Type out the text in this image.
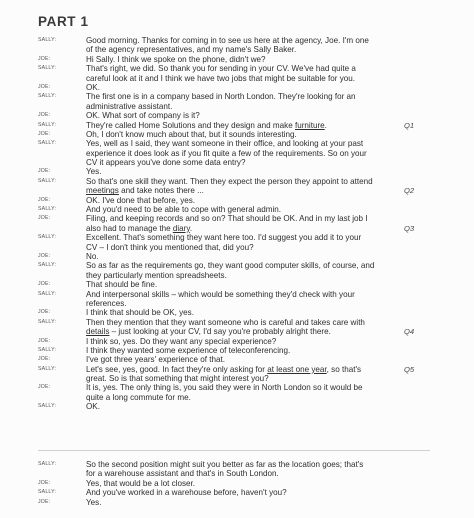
PART 1
SALLY:	Good morning. Thanks for coming in to see us here at the agency, Joe. I'm one
of the agency representatives, and my name's Sally Baker.
JOE:	Hi Sally. I think we spoke on the phone, didn't we?
SALLY:	That's right, we did. So thank you for sending in your CV. We've had quite a
careful look at it and I think we have two jobs that might be suitable for you.
JOE:	OK.
SALLY:	The first one is in a company based in North London. They're looking for an
administrative assistant.
JOE:	OK. What sort of company is it?
SALLY:	They're called Home Solutions and they design and make furniture.	Q1
JOE:	Oh, I don't know much about that, but it sounds interesting.
SALLY:	Yes, well as I said, they want someone in their office, and looking at your past
experience it does look as if you fit quite a few of the requirements. So on your
CV it appears you've done some data entry?
JOE:	Yes.
SALLY:	So that's one skill they want. Then they expect the person they appoint to attend
meetings and take notes there ...	Q2
JOE:	OK. I've done that before, yes.
SALLY:	And you'd need to be able to cope with general admin.
JOE:	Filing, and keeping records and so on? That should be OK. And in my last job I
also had to manage the diary.	Q3
SALLY:	Excellent. That's something they want here too. I'd suggest you add it to your
CV – I don't think you mentioned that, did you?
JOE:	No.
SALLY:	So as far as the requirements go, they want good computer skills, of course, and
they particularly mention spreadsheets.
JOE:	That should be fine.
SALLY:	And interpersonal skills – which would be something they'd check with your
references.
JOE:	I think that should be OK, yes.
SALLY:	Then they mention that they want someone who is careful and takes care with
details – just looking at your CV, I'd say you're probably alright there.	Q4
JOE:	I think so, yes. Do they want any special experience?
SALLY:	I think they wanted some experience of teleconferencing.
JOE:	I've got three years' experience of that.
SALLY:	Let's see, yes, good. In fact they're only asking for at least one year, so that's	Q5
great. So is that something that might interest you?
JOE:	It is, yes. The only thing is, you said they were in North London so it would be
quite a long commute for me.
SALLY:	OK.
SALLY:	So the second position might suit you better as far as the location goes; that's
for a warehouse assistant and that's in South London.
JOE:	Yes, that would be a lot closer.
SALLY:	And you've worked in a warehouse before, haven't you?
JOE:	Yes.
